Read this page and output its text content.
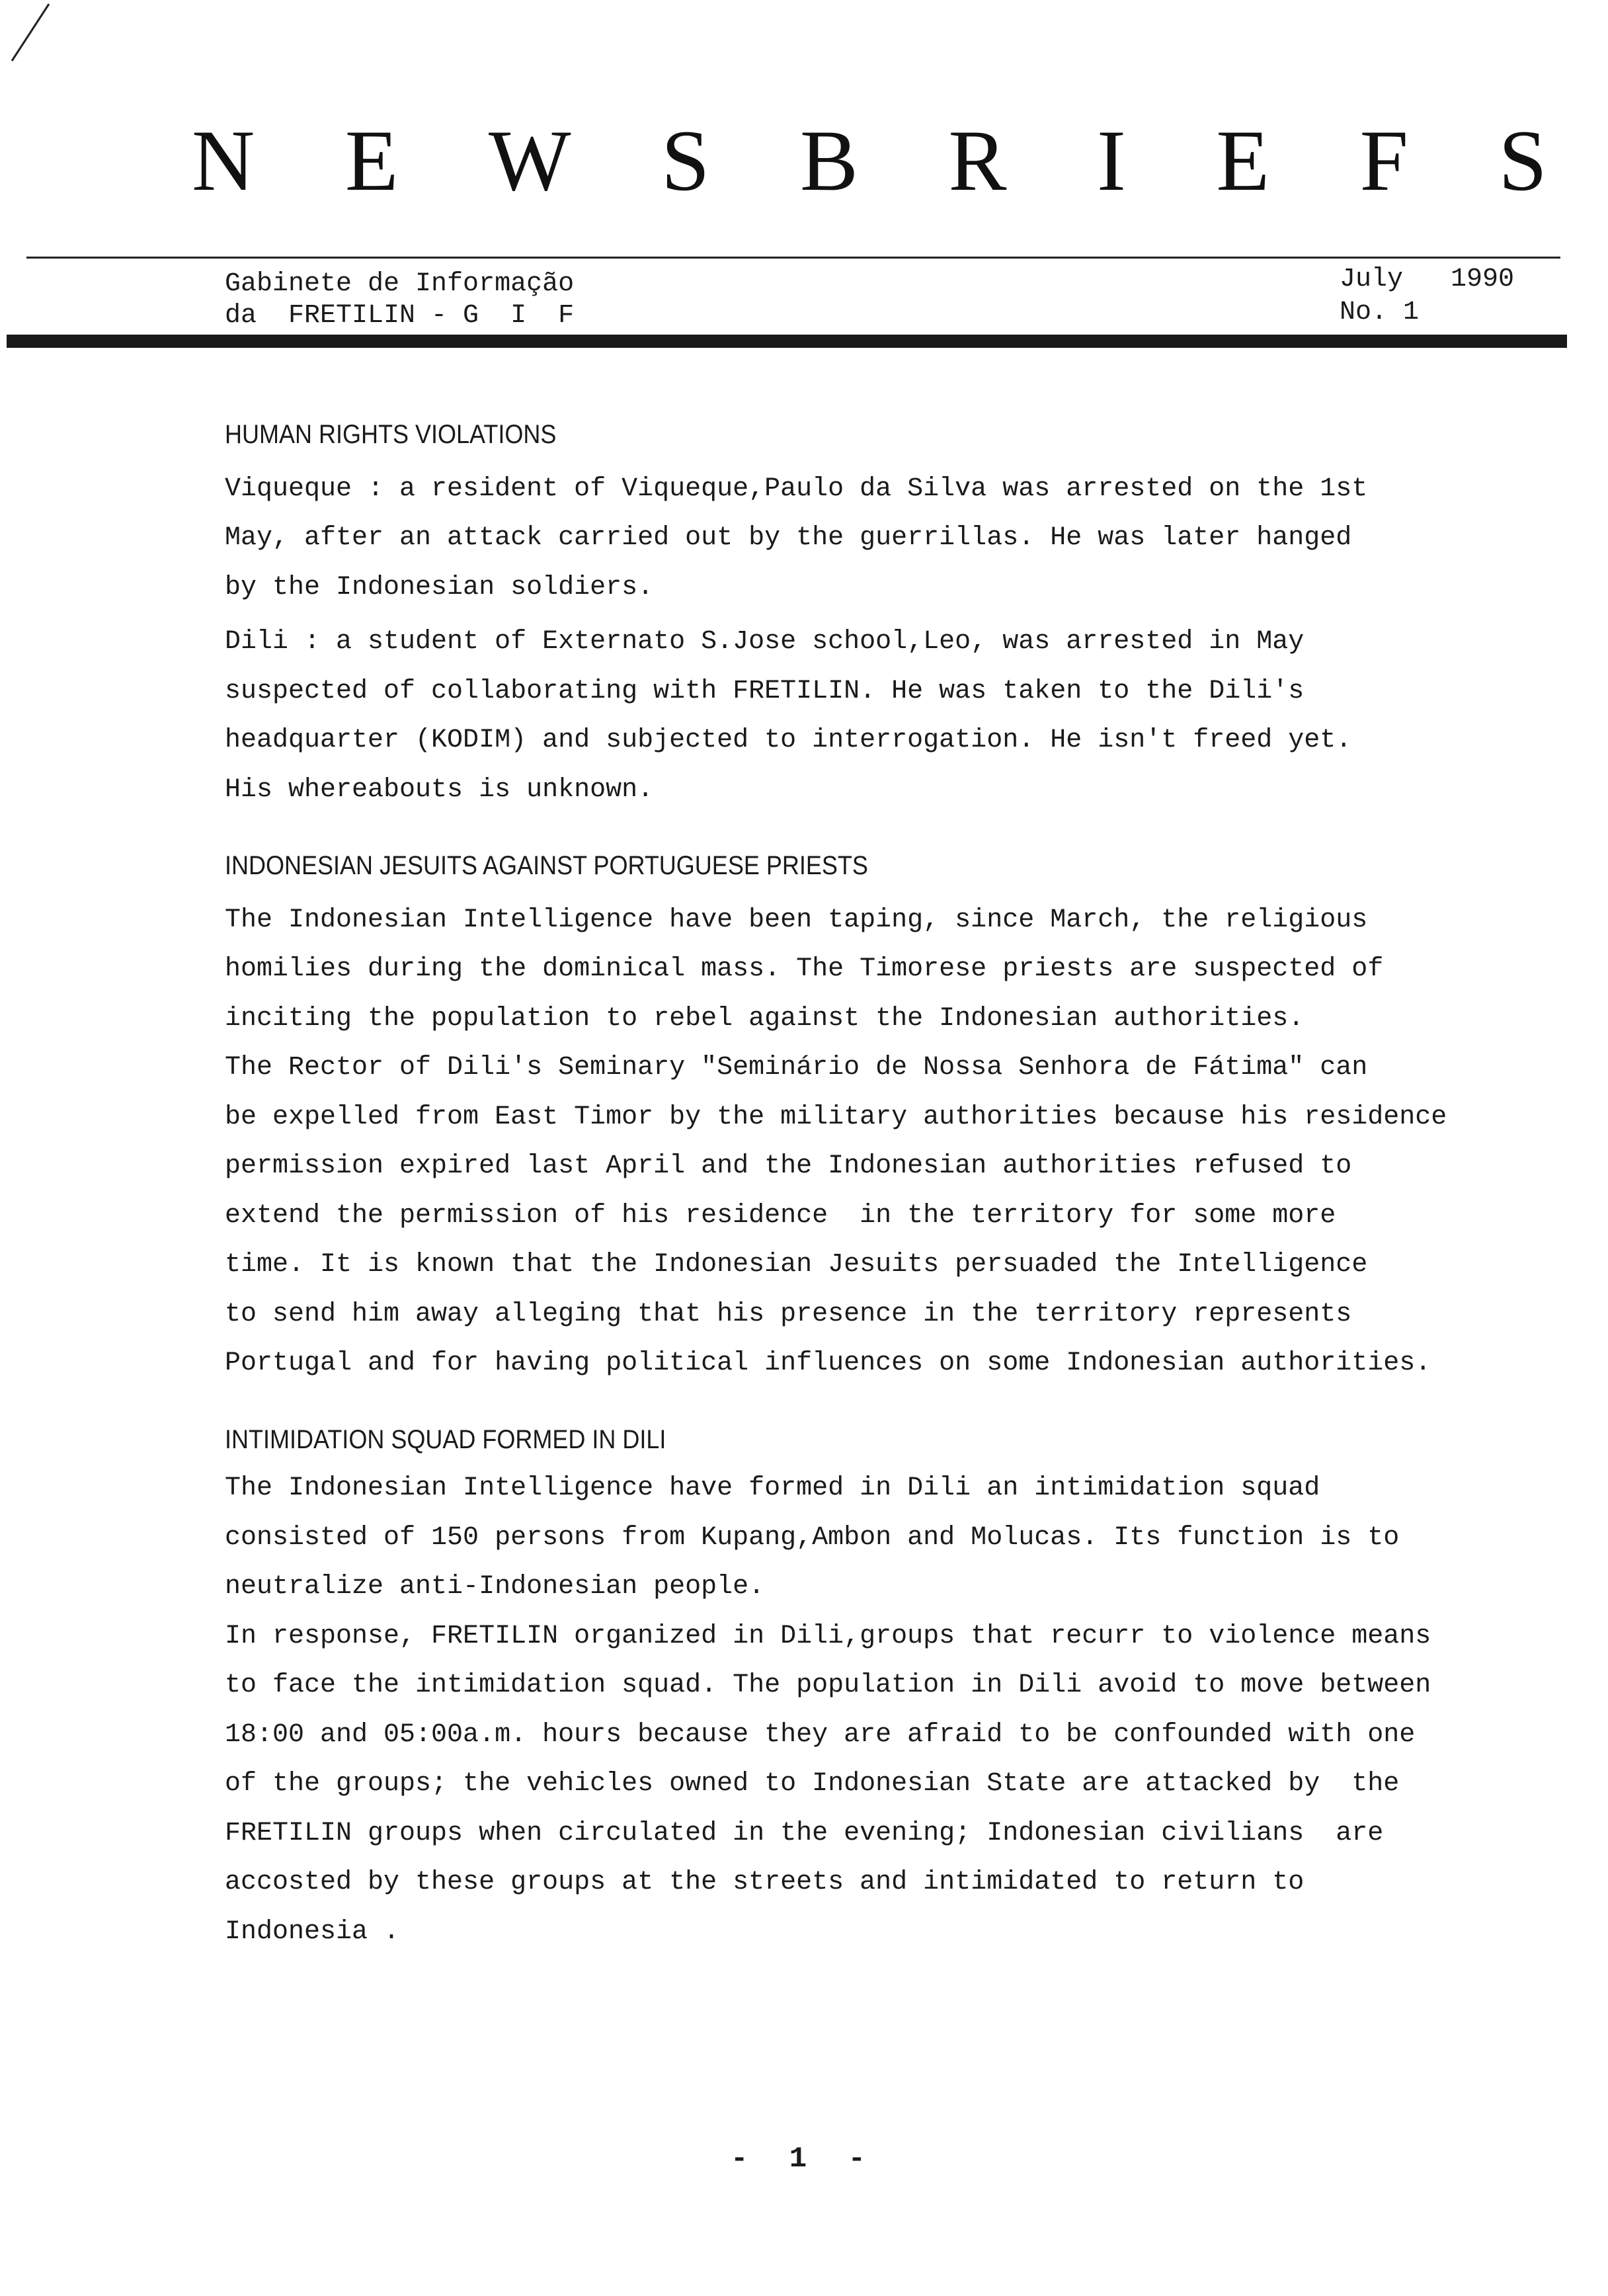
N E W S B R I E F S
Gabinete de Informação
da  FRETILIN - G  I  F
July 1990
No. 1
HUMAN RIGHTS VIOLATIONS
Viqueque : a resident of Viqueque,Paulo da Silva was arrested on the 1st
May, after an attack carried out by the guerrillas. He was later hanged
by the Indonesian soldiers.
Dili : a student of Externato S.Jose school,Leo, was arrested in May
suspected of collaborating with FRETILIN. He was taken to the Dili's
headquarter (KODIM) and subjected to interrogation. He isn't freed yet.
His whereabouts is unknown.
INDONESIAN JESUITS AGAINST PORTUGUESE PRIESTS
The Indonesian Intelligence have been taping, since March, the religious
homilies during the dominical mass. The Timorese priests are suspected of
inciting the population to rebel against the Indonesian authorities.
The Rector of Dili's Seminary "Seminário de Nossa Senhora de Fátima" can
be expelled from East Timor by the military authorities because his residence
permission expired last April and the Indonesian authorities refused to
extend the permission of his residence  in the territory for some more
time. It is known that the Indonesian Jesuits persuaded the Intelligence
to send him away alleging that his presence in the territory represents
Portugal and for having political influences on some Indonesian authorities.
INTIMIDATION SQUAD FORMED IN DILI
The Indonesian Intelligence have formed in Dili an intimidation squad
consisted of 150 persons from Kupang,Ambon and Molucas. Its function is to
neutralize anti-Indonesian people.
In response, FRETILIN organized in Dili,groups that recurr to violence means
to face the intimidation squad. The population in Dili avoid to move between
18:00 and 05:00a.m. hours because they are afraid to be confounded with one
of the groups; the vehicles owned to Indonesian State are attacked by  the
FRETILIN groups when circulated in the evening; Indonesian civilians  are
accosted by these groups at the streets and intimidated to return to
Indonesia .
- 1 -
